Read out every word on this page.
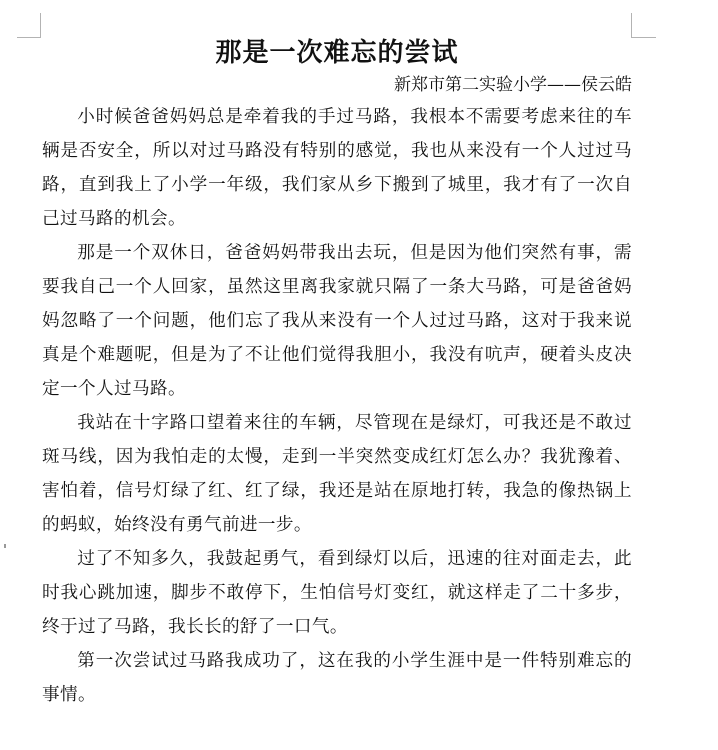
那是一次难忘的尝试

新郑市第二实验小学——侯云皓

小时候爸爸妈妈总是牵着我的手过马路，我根本不需要考虑来往的车辆是否安全，所以对过马路没有特别的感觉，我也从来没有一个人过过马路，直到我上了小学一年级，我们家从乡下搬到了城里，我才有了一次自己过马路的机会。

那是一个双休日，爸爸妈妈带我出去玩，但是因为他们突然有事，需要我自己一个人回家，虽然这里离我家就只隔了一条大马路，可是爸爸妈妈忽略了一个问题，他们忘了我从来没有一个人过过马路，这对于我来说真是个难题呢，但是为了不让他们觉得我胆小，我没有吭声，硬着头皮决定一个人过马路。

我站在十字路口望着来往的车辆，尽管现在是绿灯，可我还是不敢过斑马线，因为我怕走的太慢，走到一半突然变成红灯怎么办？我犹豫着、害怕着，信号灯绿了红、红了绿，我还是站在原地打转，我急的像热锅上的蚂蚁，始终没有勇气前进一步。

过了不知多久，我鼓起勇气，看到绿灯以后，迅速的往对面走去，此时我心跳加速，脚步不敢停下，生怕信号灯变红，就这样走了二十多步，终于过了马路，我长长的舒了一口气。

第一次尝试过马路我成功了，这在我的小学生涯中是一件特别难忘的事情。
